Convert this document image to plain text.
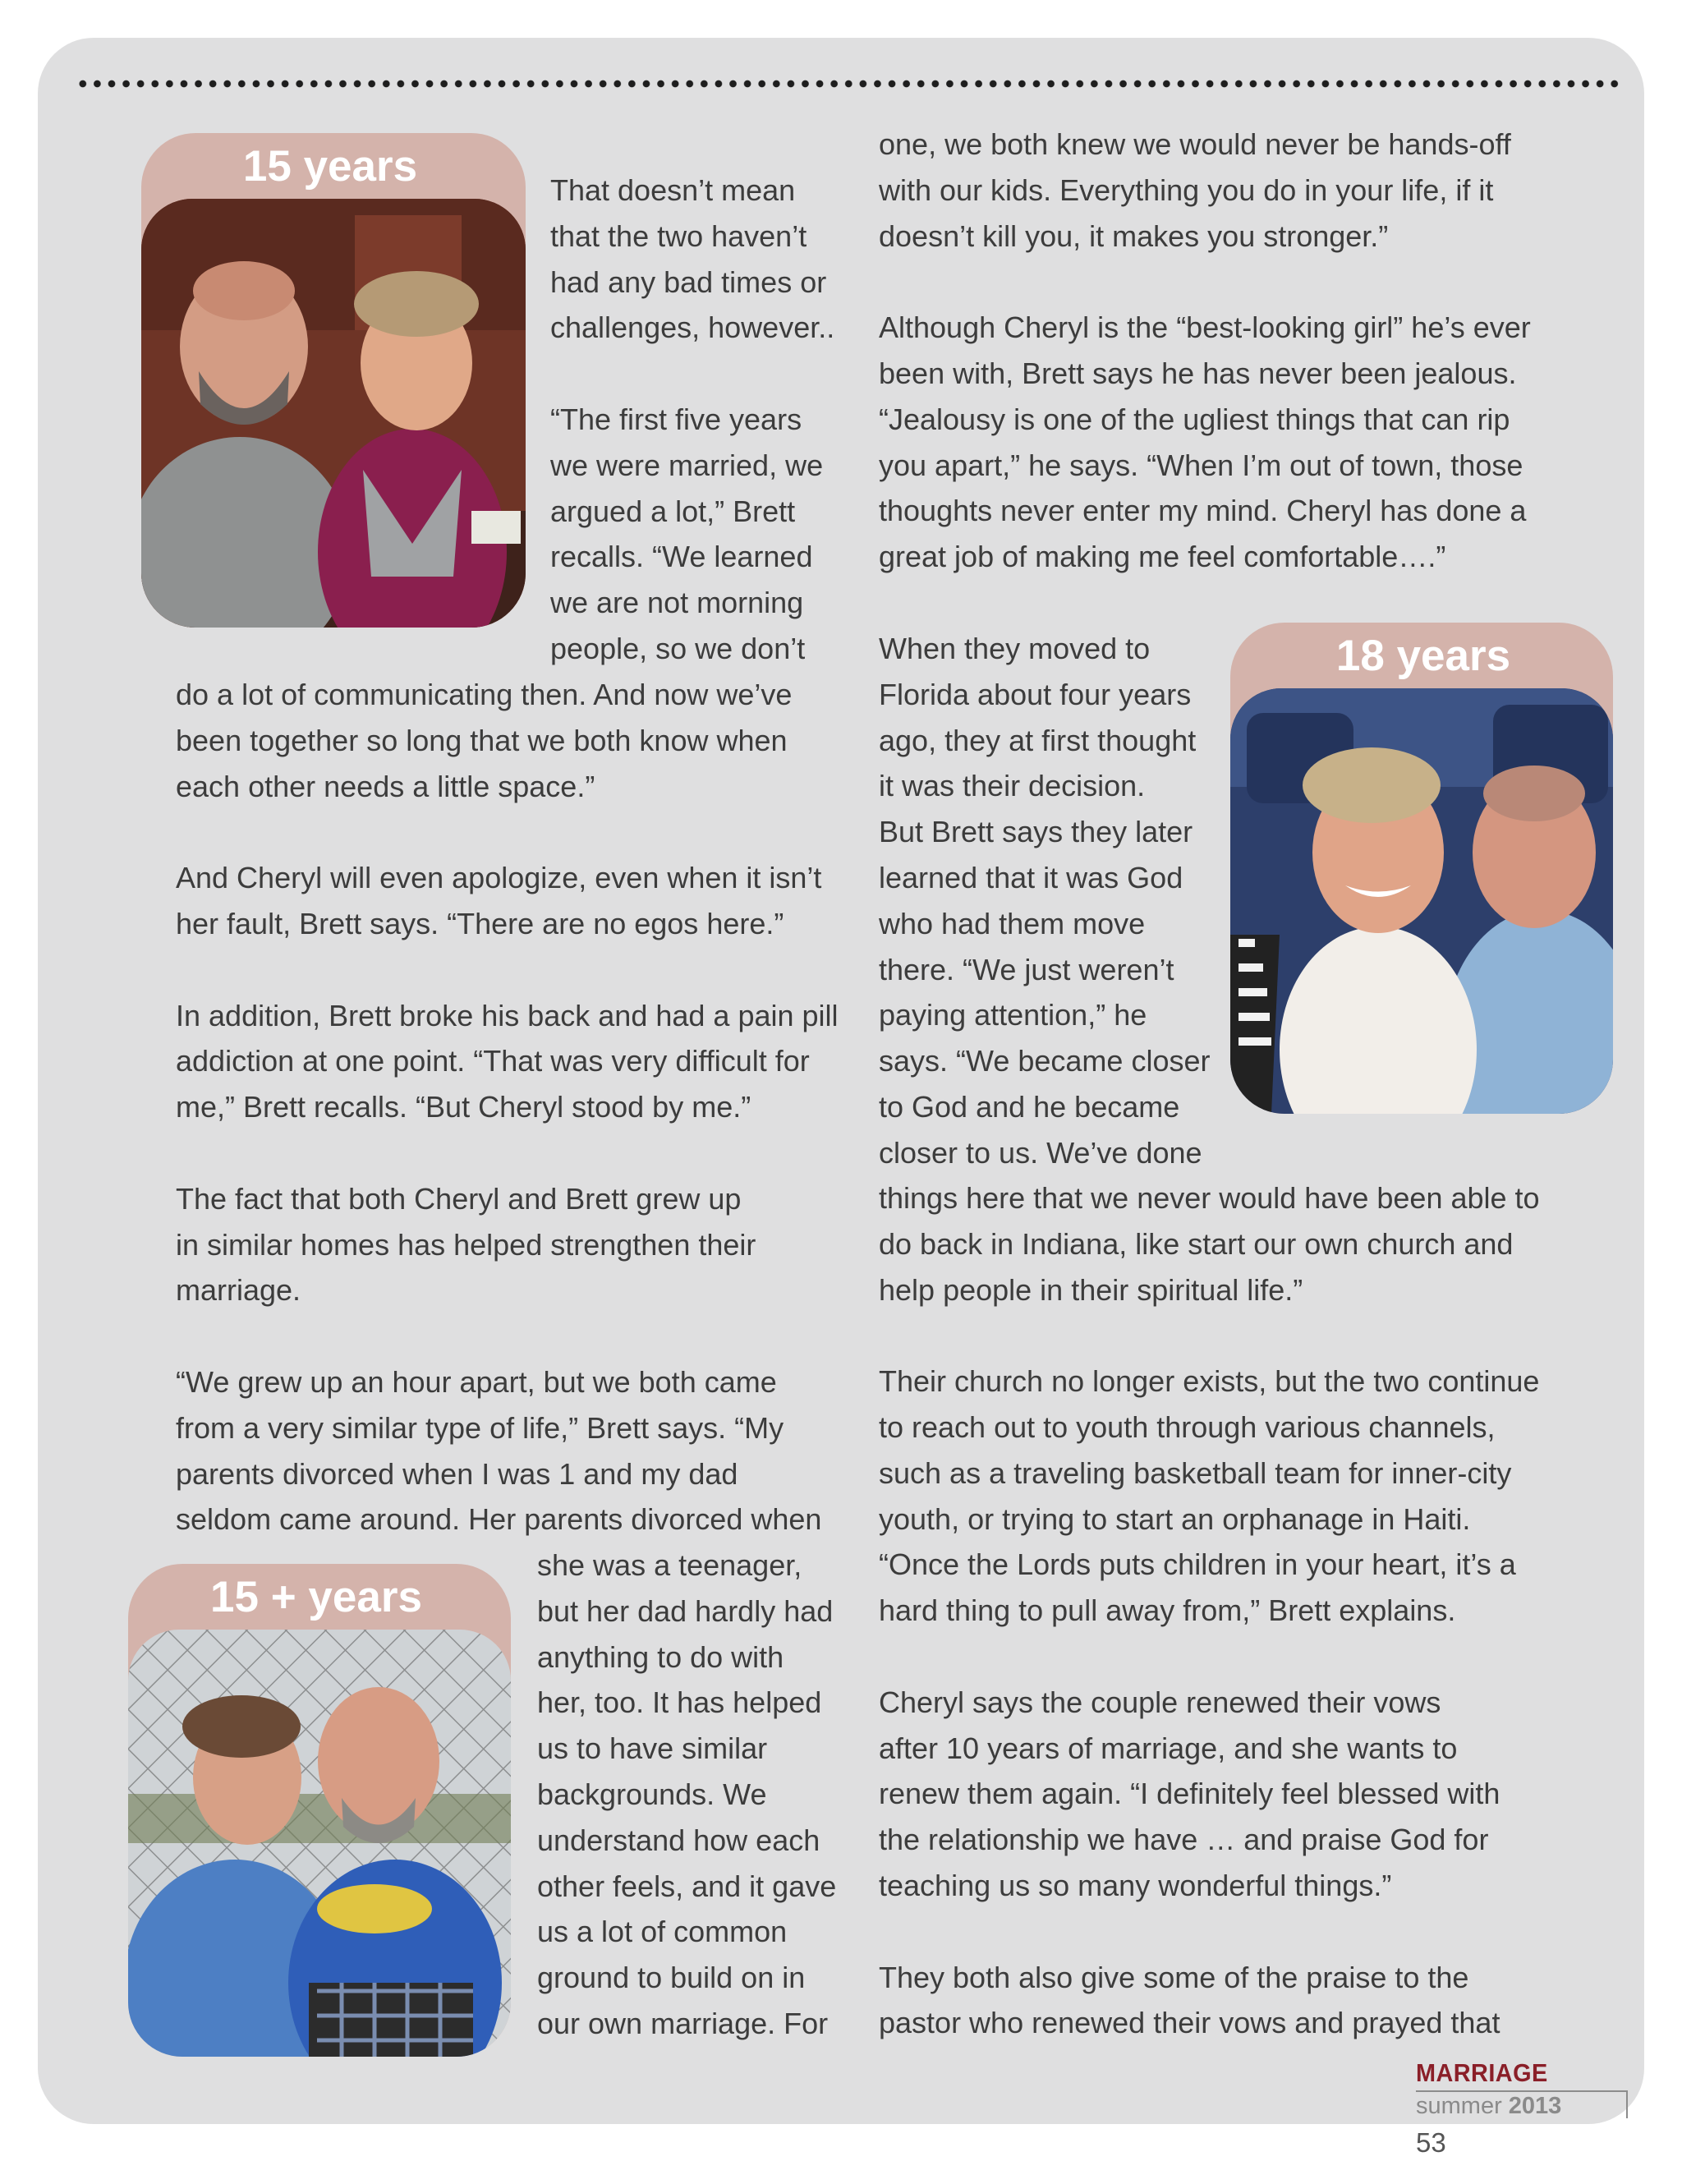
15 years
18 years
15 + years
That doesn’t mean
that the two haven’t
had any bad times or
challenges, however..

“The first five years
we were married, we
argued a lot,” Brett
recalls. “We learned
we are not morning
people, so we don’t
do a lot of communicating then. And now we’ve
been together so long that we both know when
each other needs a little space.”

And Cheryl will even apologize, even when it isn’t
her fault, Brett says. “There are no egos here.”

In addition, Brett broke his back and had a pain pill
addiction at one point. “That was very difficult for
me,” Brett recalls. “But Cheryl stood by me.”

The fact that both Cheryl and Brett grew up
in similar homes has helped strengthen their
marriage.

“We grew up an hour apart, but we both came
from a very similar type of life,” Brett says. “My
parents divorced when I was 1 and my dad
seldom came around. Her parents divorced when
she was a teenager,
but her dad hardly had
anything to do with
her, too. It has helped
us to have similar
backgrounds. We
understand how each
other feels, and it gave
us a lot of common
ground to build on in
our own marriage. For
one, we both knew we would never be hands-off
with our kids. Everything you do in your life, if it
doesn’t kill you, it makes you stronger.”

Although Cheryl is the “best-looking girl” he’s ever
been with, Brett says he has never been jealous.
“Jealousy is one of the ugliest things that can rip
you apart,” he says. “When I’m out of town, those
thoughts never enter my mind. Cheryl has done a
great job of making me feel comfortable….”
When they moved to
Florida about four years
ago, they at first thought
it was their decision.
But Brett says they later
learned that it was God
who had them move
there. “We just weren’t
paying attention,” he
says. “We became closer
to God and he became
closer to us. We’ve done
things here that we never would have been able to
do back in Indiana, like start our own church and
help people in their spiritual life.”

Their church no longer exists, but the two continue
to reach out to youth through various channels,
such as a traveling basketball team for inner-city
youth, or trying to start an orphanage in Haiti.
“Once the Lords puts children in your heart, it’s a
hard thing to pull away from,” Brett explains.

Cheryl says the couple renewed their vows
after 10 years of marriage, and she wants to
renew them again. “I definitely feel blessed with
the relationship we have … and praise God for
teaching us so many wonderful things.”

They both also give some of the praise to the
pastor who renewed their vows and prayed that
MARRIAGE
summer 2013
53
